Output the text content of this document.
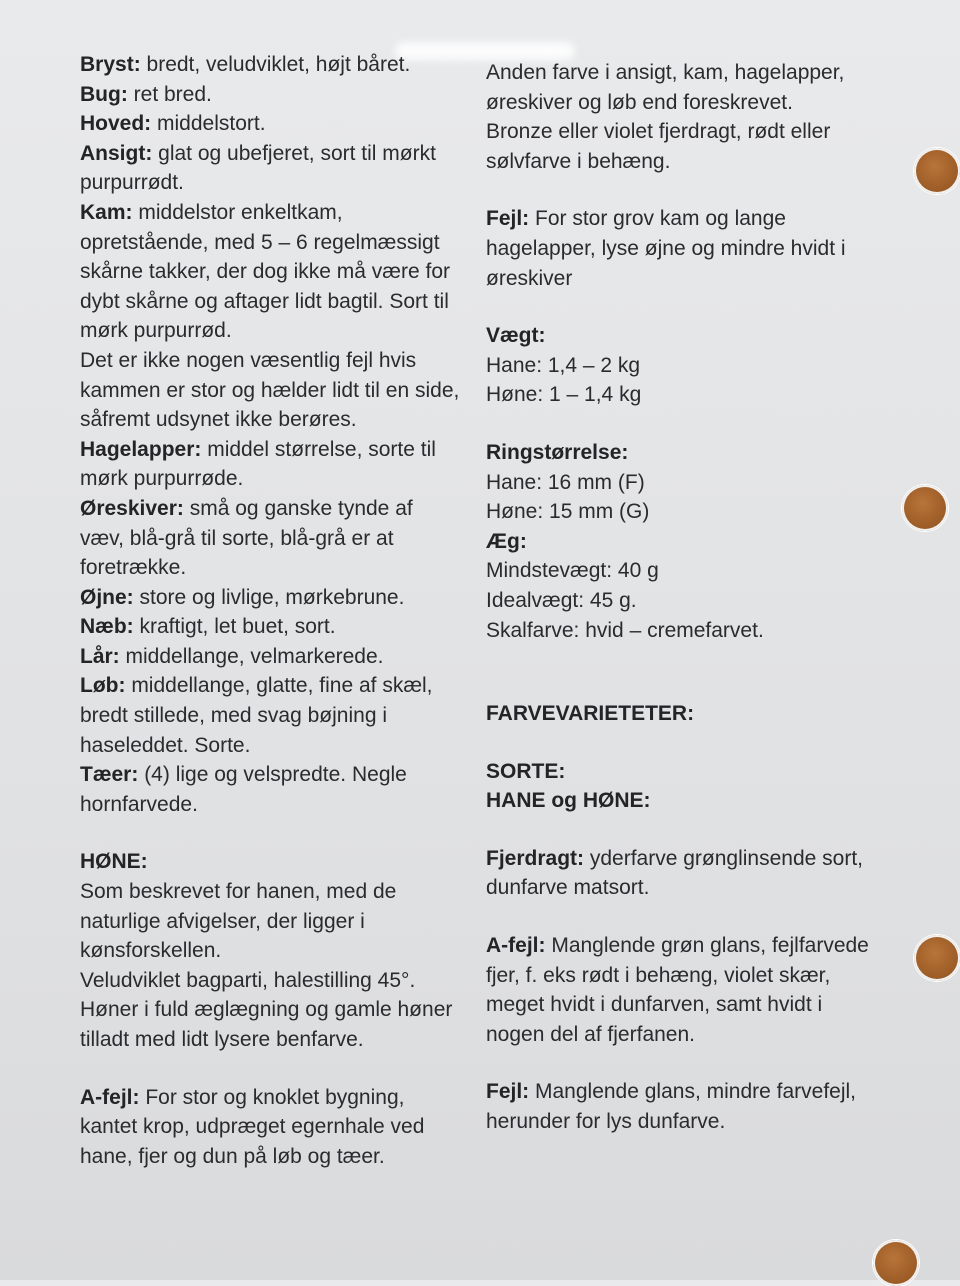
Bryst: bredt, veludviklet, højt båret.
Bug: ret bred.
Hoved: middelstort.
Ansigt: glat og ubefjeret, sort til mørkt purpurrødt.
Kam: middelstor enkeltkam, opretstående, med 5 – 6 regelmæssigt skårne takker, der dog ikke må være for dybt skårne og aftager lidt bagtil. Sort til mørk purpurrød.
Det er ikke nogen væsentlig fejl hvis kammen er stor og hælder lidt til en side, såfremt udsynet ikke berøres.
Hagelapper: middel størrelse, sorte til mørk purpurrøde.
Øreskiver: små og ganske tynde af væv, blå-grå til sorte, blå-grå er at foretrække.
Øjne: store og livlige, mørkebrune.
Næb: kraftigt, let buet, sort.
Lår: middellange, velmarkerede.
Løb: middellange, glatte, fine af skæl, bredt stillede, med svag bøjning i haseleddet. Sorte.
Tæer: (4) lige og velspredte. Negle hornfarvede.
HØNE:
Som beskrevet for hanen, med de naturlige afvigelser, der ligger i kønsforskellen.
Veludviklet bagparti, halestilling 45°.
Høner i fuld æglægning og gamle høner tilladt med lidt lysere benfarve.
A-fejl: For stor og knoklet bygning, kantet krop, udpræget egernhale ved hane, fjer og dun på løb og tæer.
Anden farve i ansigt, kam, hagelapper, øreskiver og løb end foreskrevet.
Bronze eller violet fjerdragt, rødt eller sølvfarve i behæng.
Fejl: For stor grov kam og lange hagelapper, lyse øjne og mindre hvidt i øreskiver
Vægt:
Hane: 1,4 – 2 kg
Høne: 1 – 1,4 kg
Ringstørrelse:
Hane: 16 mm (F)
Høne: 15 mm (G)
Æg:
Mindstevægt: 40 g
Idealvægt: 45 g.
Skalfarve: hvid – cremefarvet.
FARVEVARIETETER:
SORTE:
HANE og HØNE:
Fjerdragt: yderfarve grønglinsende sort, dunfarve matsort.
A-fejl: Manglende grøn glans, fejlfarvede fjer, f. eks rødt i behæng, violet skær, meget hvidt i dunfarven, samt hvidt i nogen del af fjerfanen.
Fejl: Manglende glans, mindre farvefejl, herunder for lys dunfarve.
